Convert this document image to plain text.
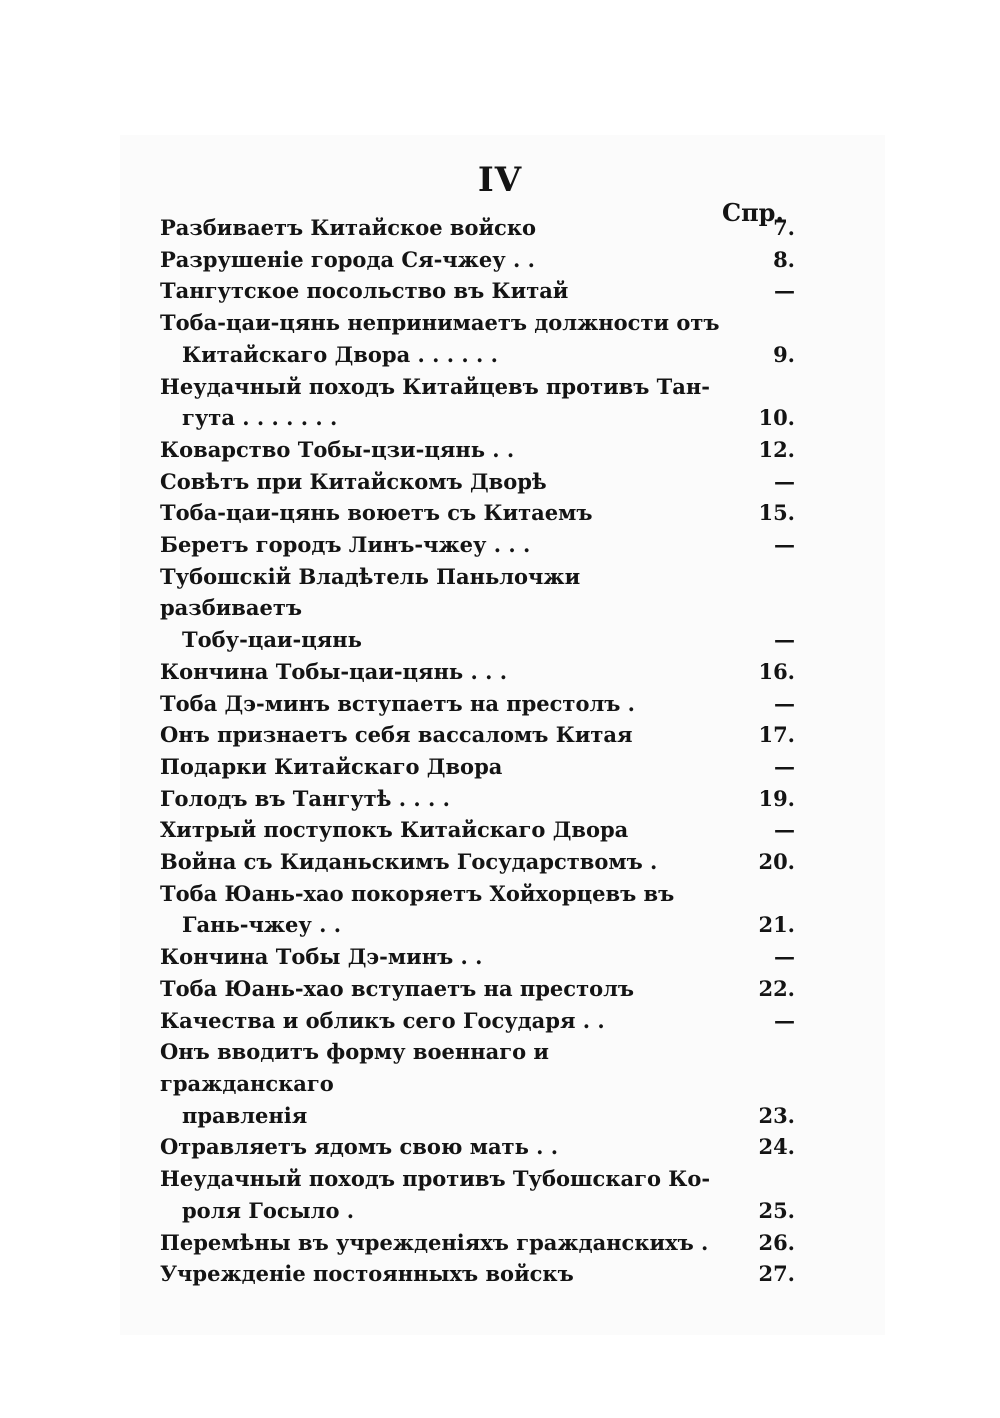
IV
Спр.
Разбиваетъ Китайское войско	7.
Разрушеніе города Ся-чжеу . .	8.
Тангутское посольство въ Китай	—
Тоба-цаи-цянь непринимаетъ должности отъ
Китайскаго Двора . . . . . .	9.
Неудачный походъ Китайцевъ противъ Тан-
гута . . . . . . .	10.
Коварство Тобы-цзи-цянь . .	12.
Совѣтъ при Китайскомъ Дворѣ	—
Тоба-цаи-цянь воюетъ съ Китаемъ	15.
Беретъ городъ Линъ-чжеу . . .	—
Тубошскій Владѣтель Паньлочжи разбиваетъ
Тобу-цаи-цянь	—
Кончина Тобы-цаи-цянь . . .	16.
Тоба Дэ-минъ вступаетъ на престолъ .	—
Онъ признаетъ себя вассаломъ Китая	17.
Подарки Китайскаго Двора	—
Голодъ въ Тангутѣ . . . .	19.
Хитрый поступокъ Китайскаго Двора	—
Война съ Киданьскимъ Государствомъ .	20.
Тоба Юань-хао покоряетъ Хойхорцевъ въ
Гань-чжеу . .	21.
Кончина Тобы Дэ-минъ . .	—
Тоба Юань-хао вступаетъ на престолъ	22.
Качества и обликъ сего Государя . .	—
Онъ вводитъ форму военнаго и гражданскаго
правленія	23.
Отравляетъ ядомъ свою мать . .	24.
Неудачный походъ противъ Тубошскаго Ко-
роля Госыло .	25.
Перемѣны въ учрежденіяхъ гражданскихъ .	26.
Учрежденіе постоянныхъ войскъ	27.
